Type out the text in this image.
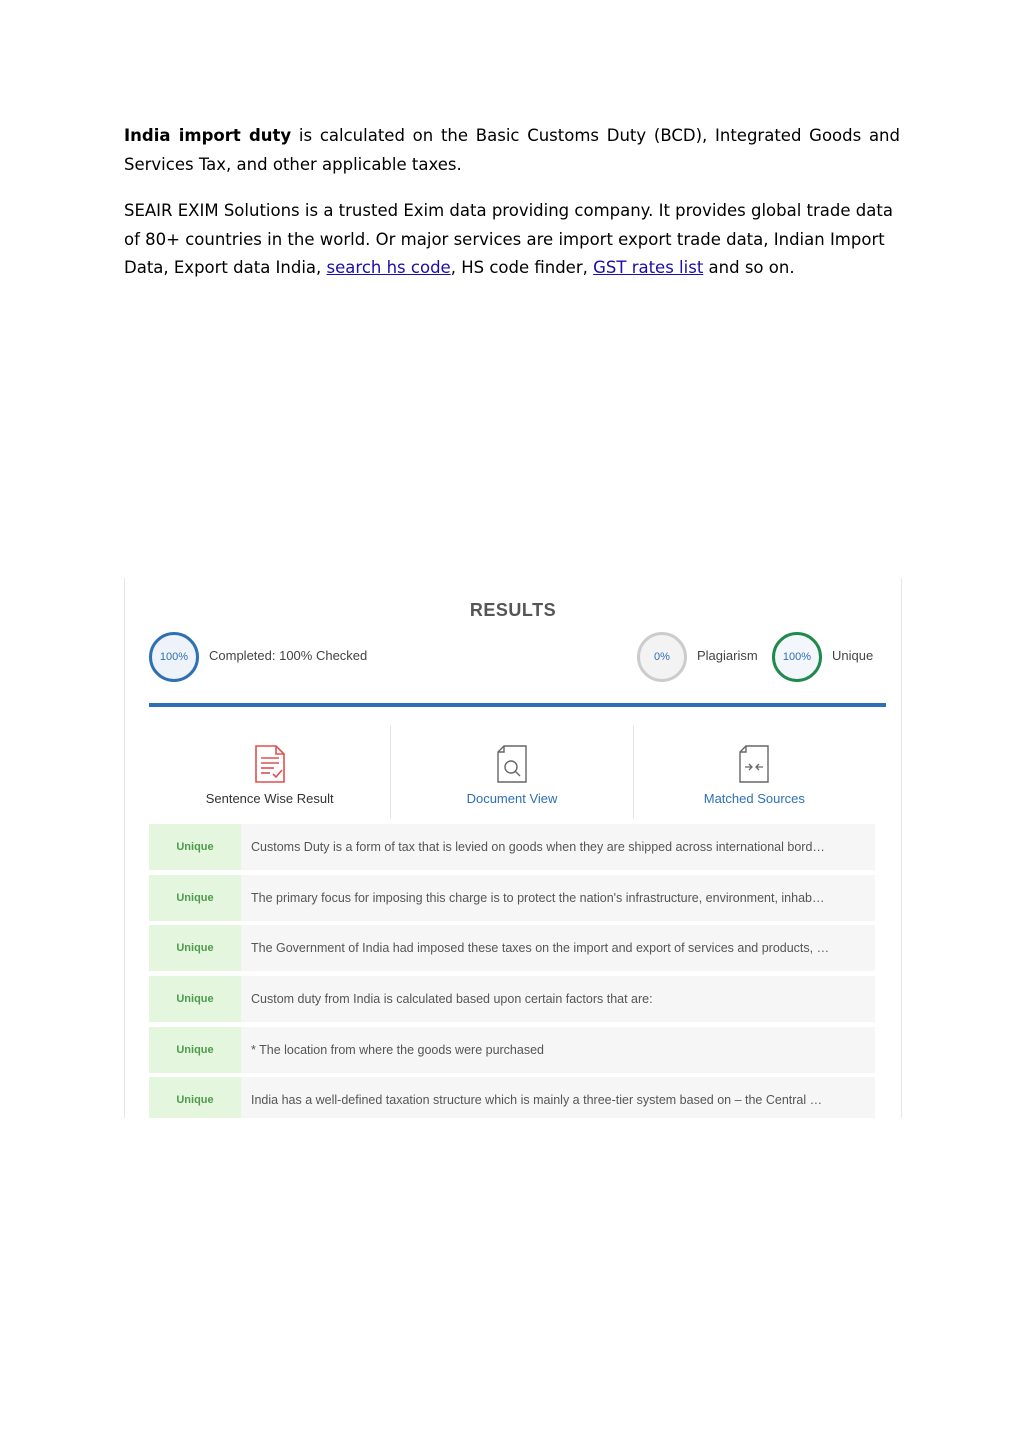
India import duty is calculated on the Basic Customs Duty (BCD), Integrated Goods and Services Tax, and other applicable taxes.
SEAIR EXIM Solutions is a trusted Exim data providing company. It provides global trade data of 80+ countries in the world. Or major services are import export trade data, Indian Import Data, Export data India, search hs code, HS code finder, GST rates list and so on.
RESULTS
100%	Completed: 100% Checked	0%	Plagiarism	100%	Unique
Sentence Wise Result	Document View	Matched Sources
Unique	Customs Duty is a form of tax that is levied on goods when they are shipped across international bord…
Unique	The primary focus for imposing this charge is to protect the nation's infrastructure, environment, inhab…
Unique	The Government of India had imposed these taxes on the import and export of services and products, …
Unique	Custom duty from India is calculated based upon certain factors that are:
Unique	* The location from where the goods were purchased
Unique	India has a well-defined taxation structure which is mainly a three-tier system based on – the Central …
